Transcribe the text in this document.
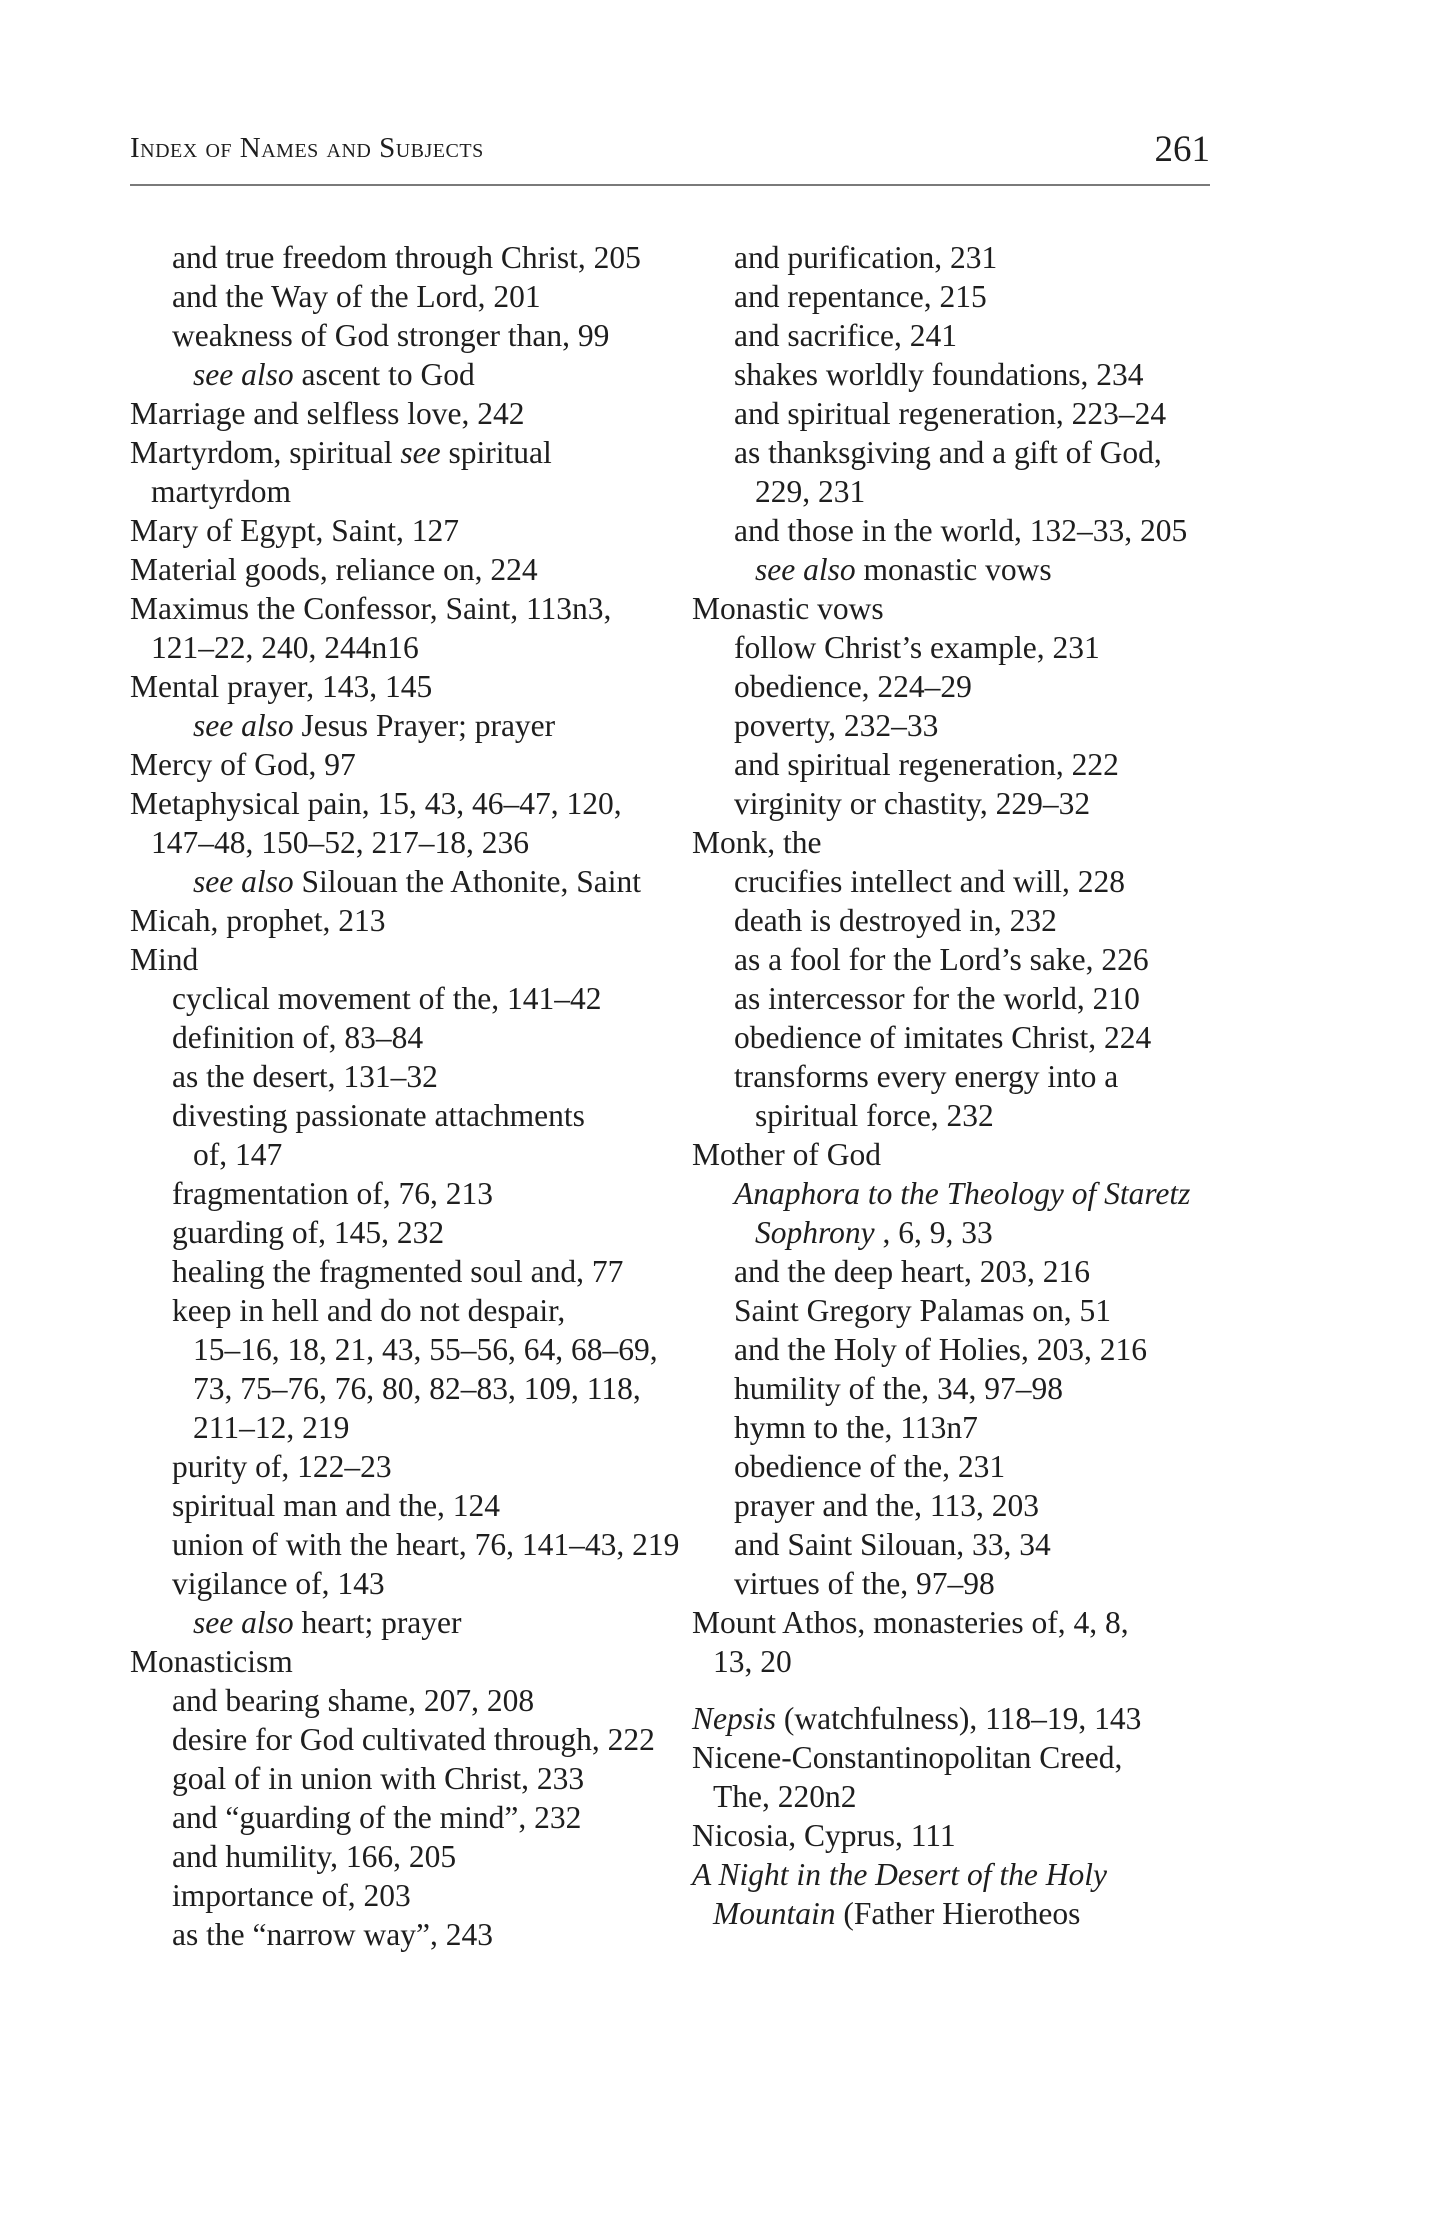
Index of Names and Subjects	261
and true freedom through Christ, 205
and the Way of the Lord, 201
weakness of God stronger than, 99
see also ascent to God
Marriage and selfless love, 242
Martyrdom, spiritual see spiritual
martyrdom
Mary of Egypt, Saint, 127
Material goods, reliance on, 224
Maximus the Confessor, Saint, 113n3,
121–22, 240, 244n16
Mental prayer, 143, 145
see also Jesus Prayer; prayer
Mercy of God, 97
Metaphysical pain, 15, 43, 46–47, 120,
147–48, 150–52, 217–18, 236
see also Silouan the Athonite, Saint
Micah, prophet, 213
Mind
cyclical movement of the, 141–42
definition of, 83–84
as the desert, 131–32
divesting passionate attachments
of, 147
fragmentation of, 76, 213
guarding of, 145, 232
healing the fragmented soul and, 77
keep in hell and do not despair,
15–16, 18, 21, 43, 55–56, 64, 68–69,
73, 75–76, 76, 80, 82–83, 109, 118,
211–12, 219
purity of, 122–23
spiritual man and the, 124
union of with the heart, 76, 141–43, 219
vigilance of, 143
see also heart; prayer
Monasticism
and bearing shame, 207, 208
desire for God cultivated through, 222
goal of in union with Christ, 233
and “guarding of the mind”, 232
and humility, 166, 205
importance of, 203
as the “narrow way”, 243
and purification, 231
and repentance, 215
and sacrifice, 241
shakes worldly foundations, 234
and spiritual regeneration, 223–24
as thanksgiving and a gift of God,
229, 231
and those in the world, 132–33, 205
see also monastic vows
Monastic vows
follow Christ’s example, 231
obedience, 224–29
poverty, 232–33
and spiritual regeneration, 222
virginity or chastity, 229–32
Monk, the
crucifies intellect and will, 228
death is destroyed in, 232
as a fool for the Lord’s sake, 226
as intercessor for the world, 210
obedience of imitates Christ, 224
transforms every energy into a
spiritual force, 232
Mother of God
Anaphora to the Theology of Staretz
Sophrony , 6, 9, 33
and the deep heart, 203, 216
Saint Gregory Palamas on, 51
and the Holy of Holies, 203, 216
humility of the, 34, 97–98
hymn to the, 113n7
obedience of the, 231
prayer and the, 113, 203
and Saint Silouan, 33, 34
virtues of the, 97–98
Mount Athos, monasteries of, 4, 8,
13, 20
Nepsis (watchfulness), 118–19, 143
Nicene-Constantinopolitan Creed,
The, 220n2
Nicosia, Cyprus, 111
A Night in the Desert of the Holy
Mountain (Father Hierotheos
